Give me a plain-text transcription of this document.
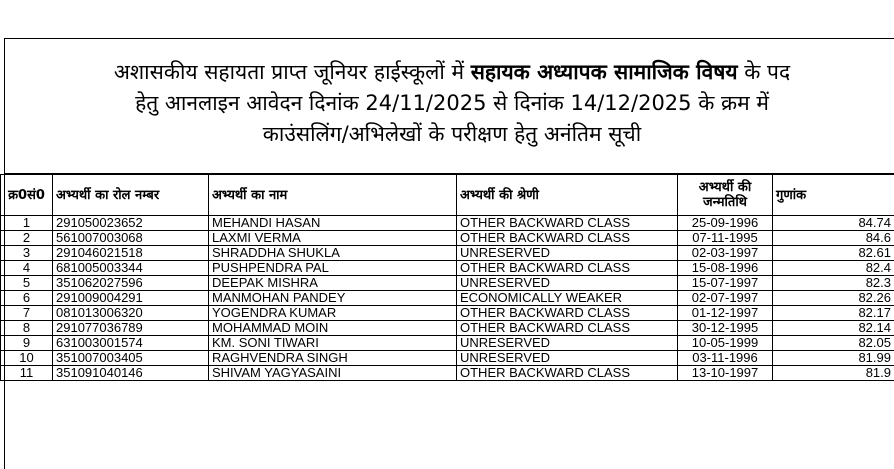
अशासकीय सहायता प्राप्त जूनियर हाईस्कूलों में सहायक अध्यापक सामाजिक विषय के पद
हेतु आनलाइन आवेदन दिनांक 24/11/2025 से दिनांक 14/12/2025 के क्रम में
काउंसलिंग/अभिलेखों के परीक्षण हेतु अनंतिम सूची
क्र0सं0	अभ्यर्थी का रोल नम्बर	अभ्यर्थी का नाम	अभ्यर्थी की श्रेणी	अभ्यर्थी की जन्मतिथि	गुणांक
1	291050023652	MEHANDI HASAN	OTHER BACKWARD CLASS	25-09-1996	84.74
2	561007003068	LAXMI VERMA	OTHER BACKWARD CLASS	07-11-1995	84.6
3	291046021518	SHRADDHA SHUKLA	UNRESERVED	02-03-1997	82.61
4	681005003344	PUSHPENDRA PAL	OTHER BACKWARD CLASS	15-08-1996	82.4
5	351062027596	DEEPAK MISHRA	UNRESERVED	15-07-1997	82.3
6	291009004291	MANMOHAN PANDEY	ECONOMICALLY WEAKER	02-07-1997	82.26
7	081013006320	YOGENDRA KUMAR	OTHER BACKWARD CLASS	01-12-1997	82.17
8	291077036789	MOHAMMAD MOIN	OTHER BACKWARD CLASS	30-12-1995	82.14
9	631003001574	KM. SONI TIWARI	UNRESERVED	10-05-1999	82.05
10	351007003405	RAGHVENDRA SINGH	UNRESERVED	03-11-1996	81.99
11	351091040146	SHIVAM YAGYASAINI	OTHER BACKWARD CLASS	13-10-1997	81.9
